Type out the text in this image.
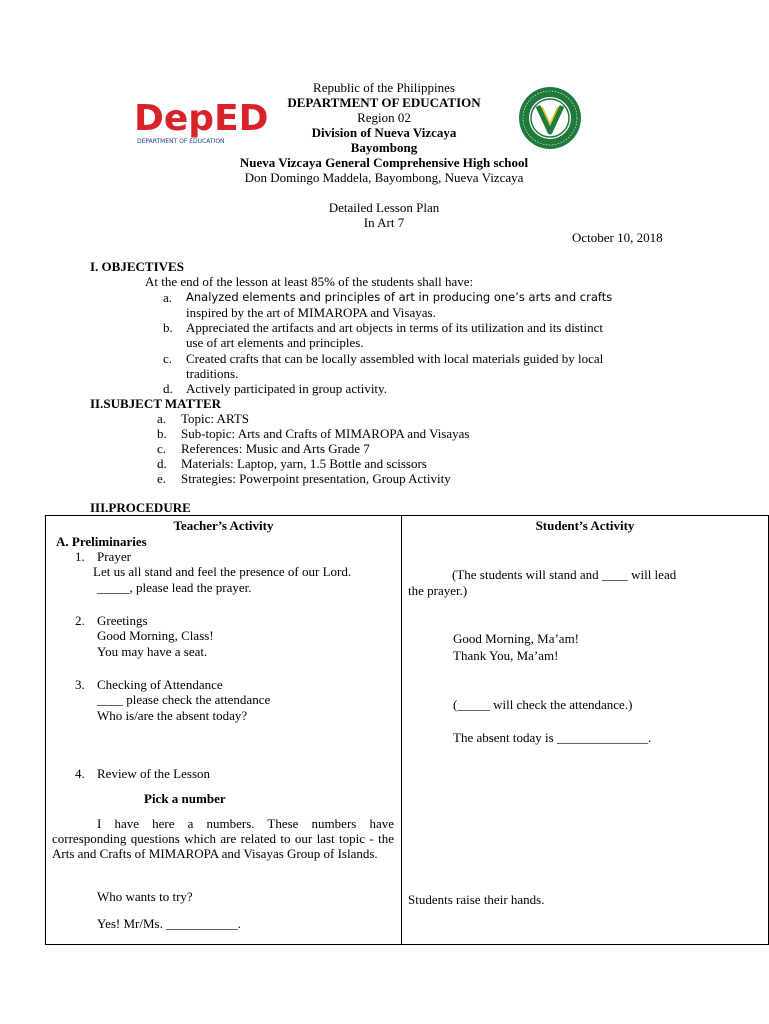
DepED
DEPARTMENT OF EDUCATION
Republic of the Philippines
DEPARTMENT OF EDUCATION
Region 02
Division of Nueva Vizcaya
Bayombong
Nueva Vizcaya General Comprehensive High school
Don Domingo Maddela, Bayombong, Nueva Vizcaya
Detailed Lesson Plan
In Art 7
October 10, 2018
I. OBJECTIVES
At the end of the lesson at least 85% of the students shall have:
a. Analyzed elements and principles of art in producing one’s arts and crafts
inspired by the art of MIMAROPA and Visayas.
b. Appreciated the artifacts and art objects in terms of its utilization and its distinct
use of art elements and principles.
c. Created crafts that can be locally assembled with local materials guided by local
traditions.
d. Actively participated in group activity.
II.SUBJECT MATTER
a. Topic: ARTS
b. Sub-topic: Arts and Crafts of MIMAROPA and Visayas
c. References: Music and Arts Grade 7
d. Materials: Laptop, yarn, 1.5 Bottle and scissors
e. Strategies: Powerpoint presentation, Group Activity
III.PROCEDURE
Teacher’s Activity	Student’s Activity
A. Preliminaries
1. Prayer
Let us all stand and feel the presence of our Lord.
_____, please lead the prayer.
2. Greetings
Good Morning, Class!
You may have a seat.
3. Checking of Attendance
____ please check the attendance
Who is/are the absent today?
4. Review of the Lesson
Pick a number
I have here a numbers. These numbers have corresponding questions which are related to our last topic - the Arts and Crafts of MIMAROPA and Visayas Group of Islands.
Who wants to try?
Yes! Mr/Ms. ___________.
(The students will stand and ____ will lead
the prayer.)
Good Morning, Ma’am!
Thank You, Ma’am!
(_____ will check the attendance.)
The absent today is ______________.
Students raise their hands.
